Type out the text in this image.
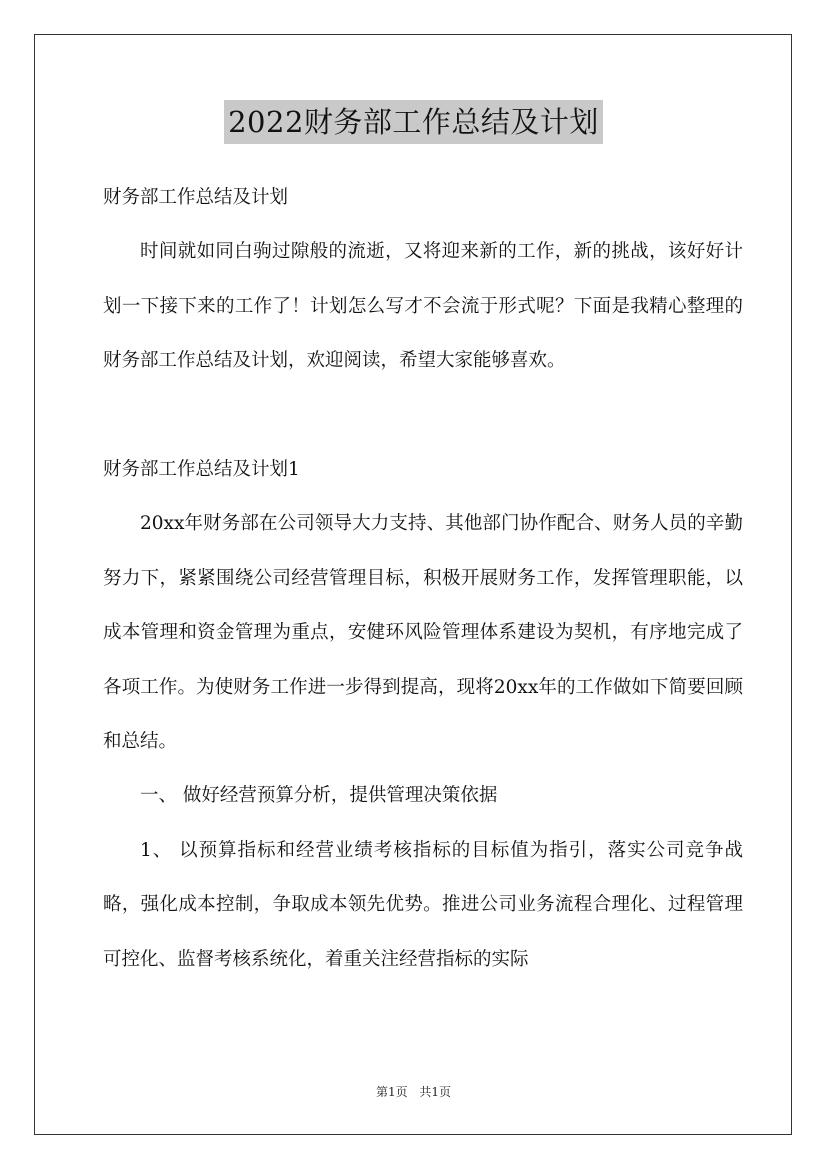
2022财务部工作总结及计划

财务部工作总结及计划

时间就如同白驹过隙般的流逝，又将迎来新的工作，新的挑战，该好好计划一下接下来的工作了！计划怎么写才不会流于形式呢？下面是我精心整理的财务部工作总结及计划，欢迎阅读，希望大家能够喜欢。

财务部工作总结及计划1

20xx年财务部在公司领导大力支持、其他部门协作配合、财务人员的辛勤努力下，紧紧围绕公司经营管理目标，积极开展财务工作，发挥管理职能，以成本管理和资金管理为重点，安健环风险管理体系建设为契机，有序地完成了各项工作。为使财务工作进一步得到提高，现将20xx年的工作做如下简要回顾和总结。

一、 做好经营预算分析，提供管理决策依据

1、 以预算指标和经营业绩考核指标的目标值为指引，落实公司竞争战略，强化成本控制，争取成本领先优势。推进公司业务流程合理化、过程管理可控化、监督考核系统化，着重关注经营指标的实际

第1页 共1页
